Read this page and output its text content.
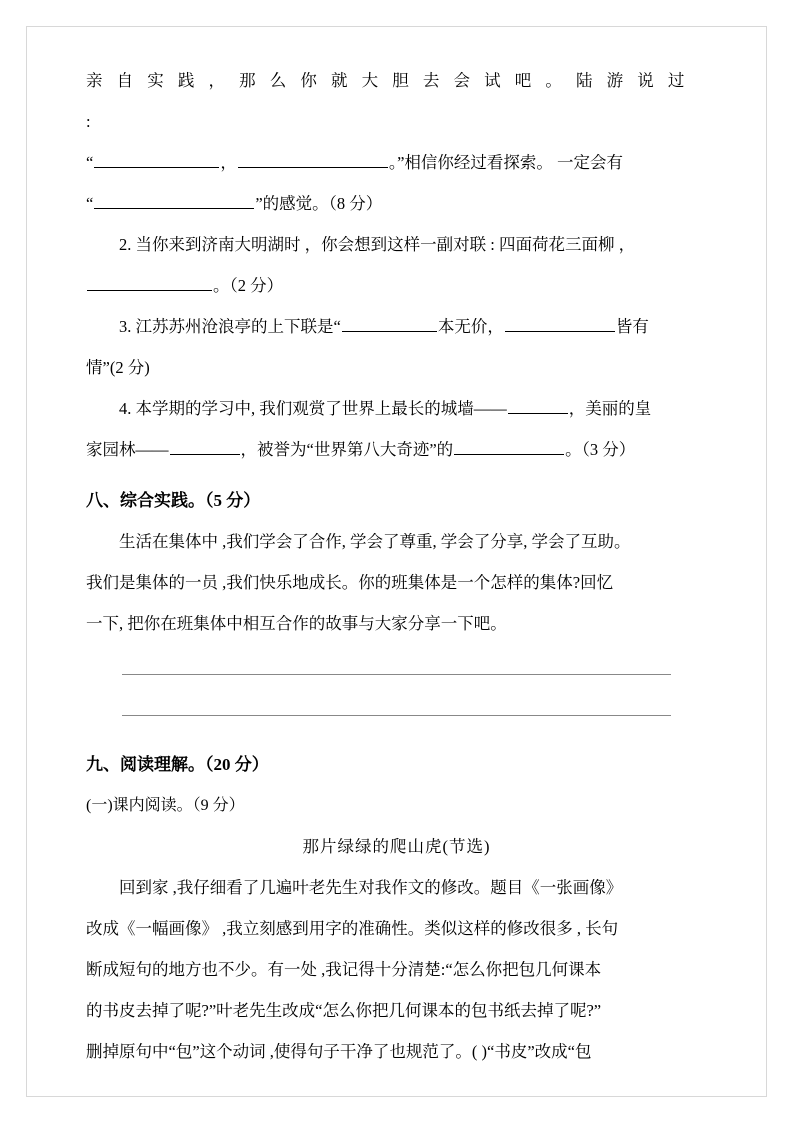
亲 自 实 践 ， 那 么 你 就 大 胆 去 会 试 吧 。 陆 游 说 过 :

“	，	。”相信你经过看探索。 一定会有

“	”的感觉。（8 分）

2. 当你来到济南大明湖时 ，你会想到这样一副对联 : 四面荷花三面柳 ，

。（2 分）

3. 江苏苏州沧浪亭的上下联是“	本无价，	皆有

情”(2 分)

4. 本学期的学习中, 我们观赏了世界上最长的城墙——	，美丽的皇

家园林——	，被誉为“世界第八大奇迹”的	。（3 分）

八、综合实践。（5 分）

生活在集体中 ,我们学会了合作, 学会了尊重, 学会了分享, 学会了互助。

我们是集体的一员 ,我们快乐地成长。你的班集体是一个怎样的集体?回忆

一下, 把你在班集体中相互合作的故事与大家分享一下吧。

九、阅读理解。（20 分）

(一)课内阅读。（9 分）

那片绿绿的爬山虎(节选)

回到家 ,我仔细看了几遍叶老先生对我作文的修改。题目《一张画像》

改成《一幅画像》 ,我立刻感到用字的准确性。类似这样的修改很多 , 长句

断成短句的地方也不少。有一处 ,我记得十分清楚:“怎么你把包几何课本

的书皮去掉了呢?”叶老先生改成“怎么你把几何课本的包书纸去掉了呢?”

删掉原句中“包”这个动词 ,使得句子干净了也规范了。( )“书皮”改成“包
